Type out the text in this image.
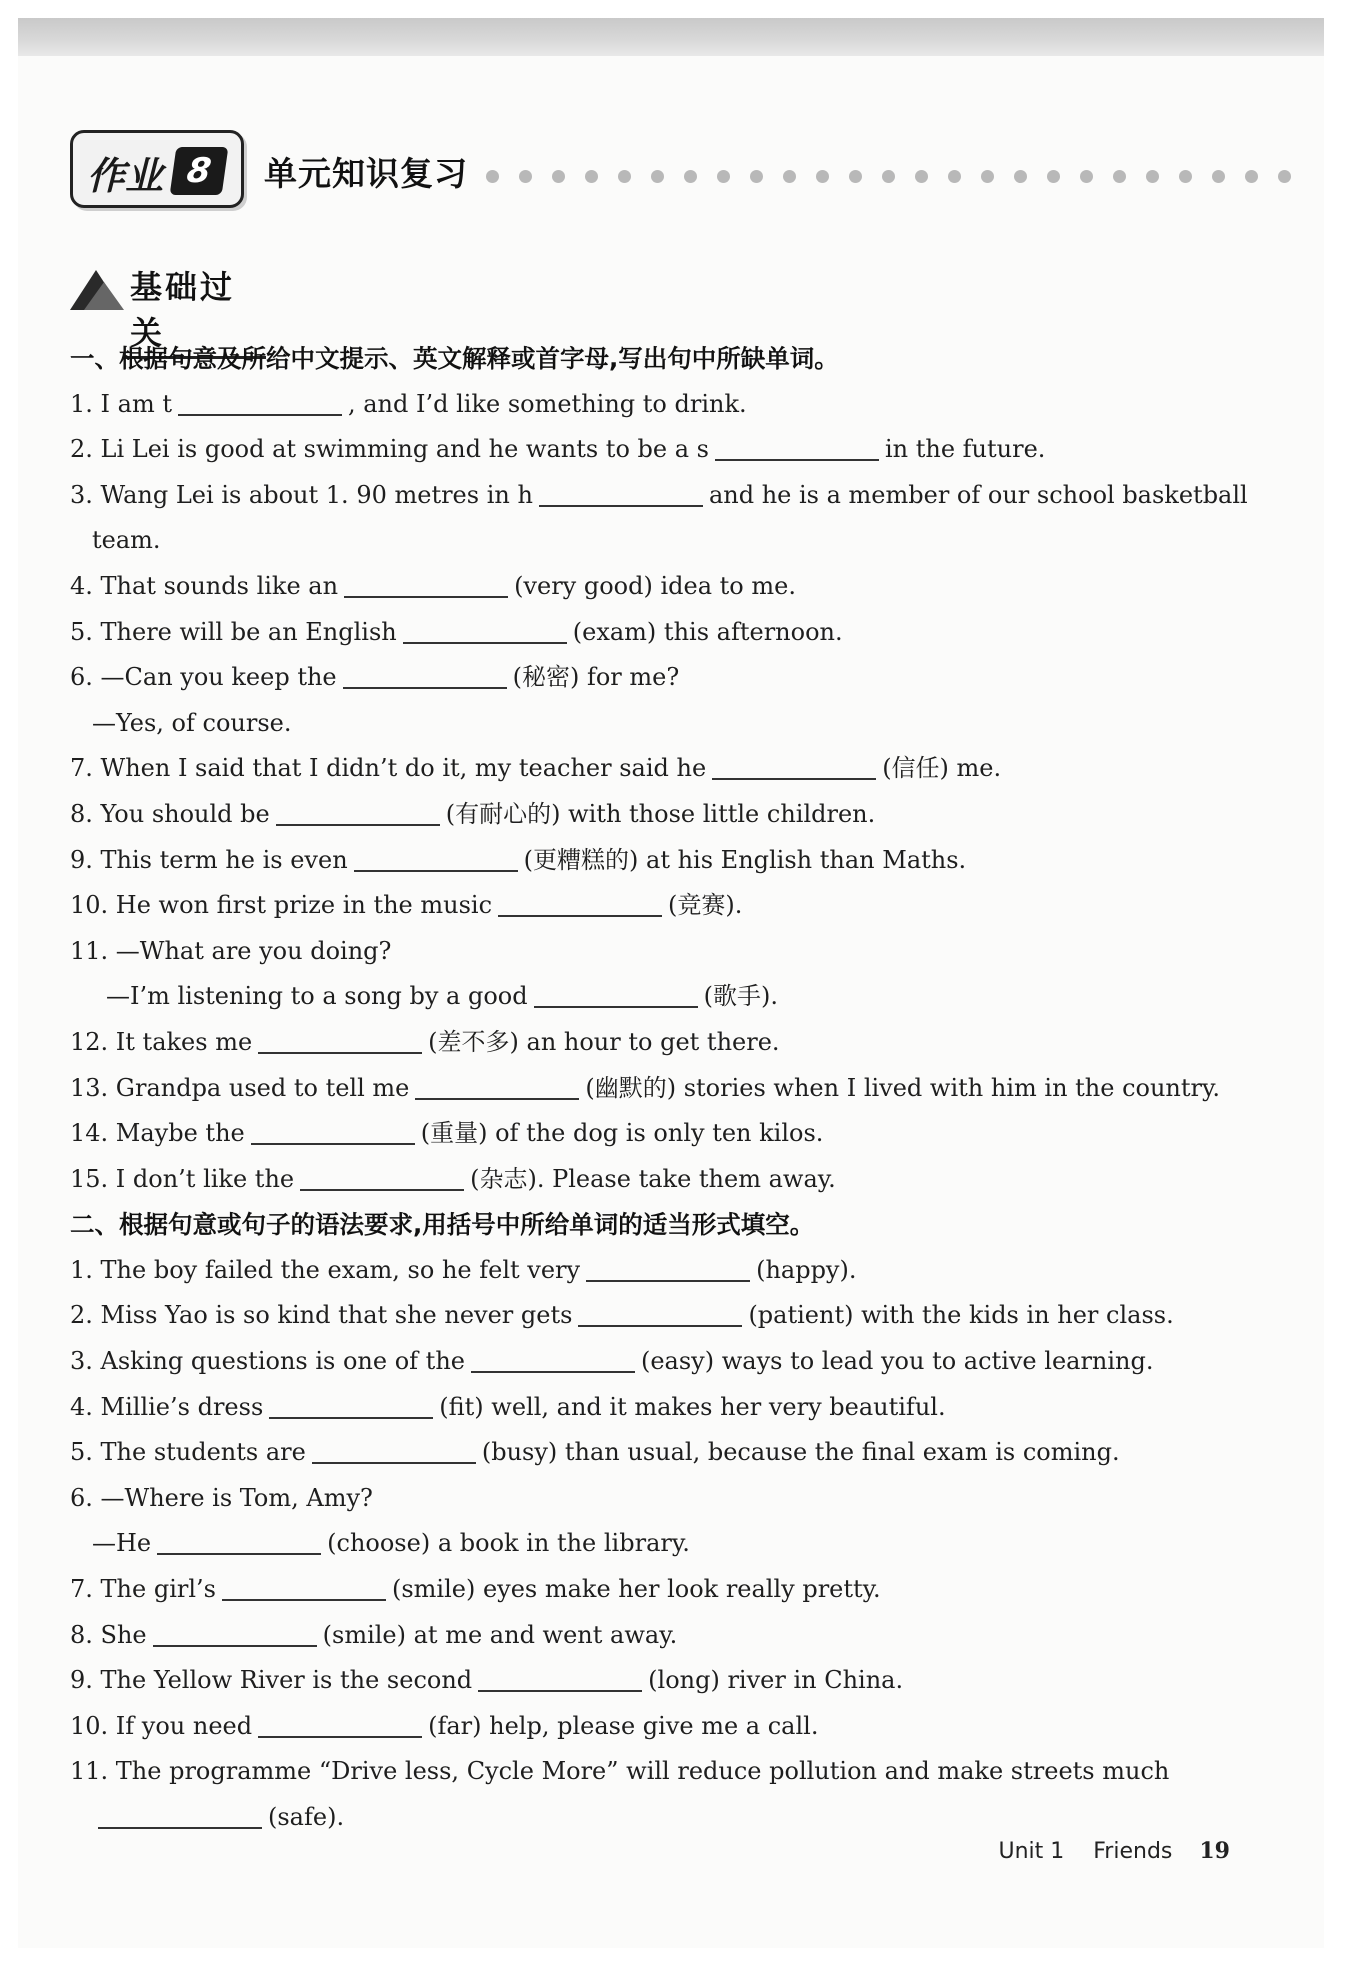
作业 8	单元知识复习
基础过关
一、根据句意及所给中文提示、英文解释或首字母,写出句中所缺单词。
1. I am t	, and I’d like something to drink.
2. Li Lei is good at swimming and he wants to be a s	in the future.
3. Wang Lei is about 1. 90 metres in h	and he is a member of our school basketball
team.
4. That sounds like an	(very good) idea to me.
5. There will be an English	(exam) this afternoon.
6. —Can you keep the	(秘密) for me?
—Yes, of course.
7. When I said that I didn’t do it, my teacher said he	(信任) me.
8. You should be	(有耐心的) with those little children.
9. This term he is even	(更糟糕的) at his English than Maths.
10. He won first prize in the music	(竞赛).
11. —What are you doing?
—I’m listening to a song by a good	(歌手).
12. It takes me	(差不多) an hour to get there.
13. Grandpa used to tell me	(幽默的) stories when I lived with him in the country.
14. Maybe the	(重量) of the dog is only ten kilos.
15. I don’t like the	(杂志). Please take them away.
二、根据句意或句子的语法要求,用括号中所给单词的适当形式填空。
1. The boy failed the exam, so he felt very	(happy).
2. Miss Yao is so kind that she never gets	(patient) with the kids in her class.
3. Asking questions is one of the	(easy) ways to lead you to active learning.
4. Millie’s dress	(fit) well, and it makes her very beautiful.
5. The students are	(busy) than usual, because the final exam is coming.
6. —Where is Tom, Amy?
—He	(choose) a book in the library.
7. The girl’s	(smile) eyes make her look really pretty.
8. She	(smile) at me and went away.
9. The Yellow River is the second	(long) river in China.
10. If you need	(far) help, please give me a call.
11. The programme “Drive less, Cycle More” will reduce pollution and make streets much
(safe).
Unit 1 Friends 19
